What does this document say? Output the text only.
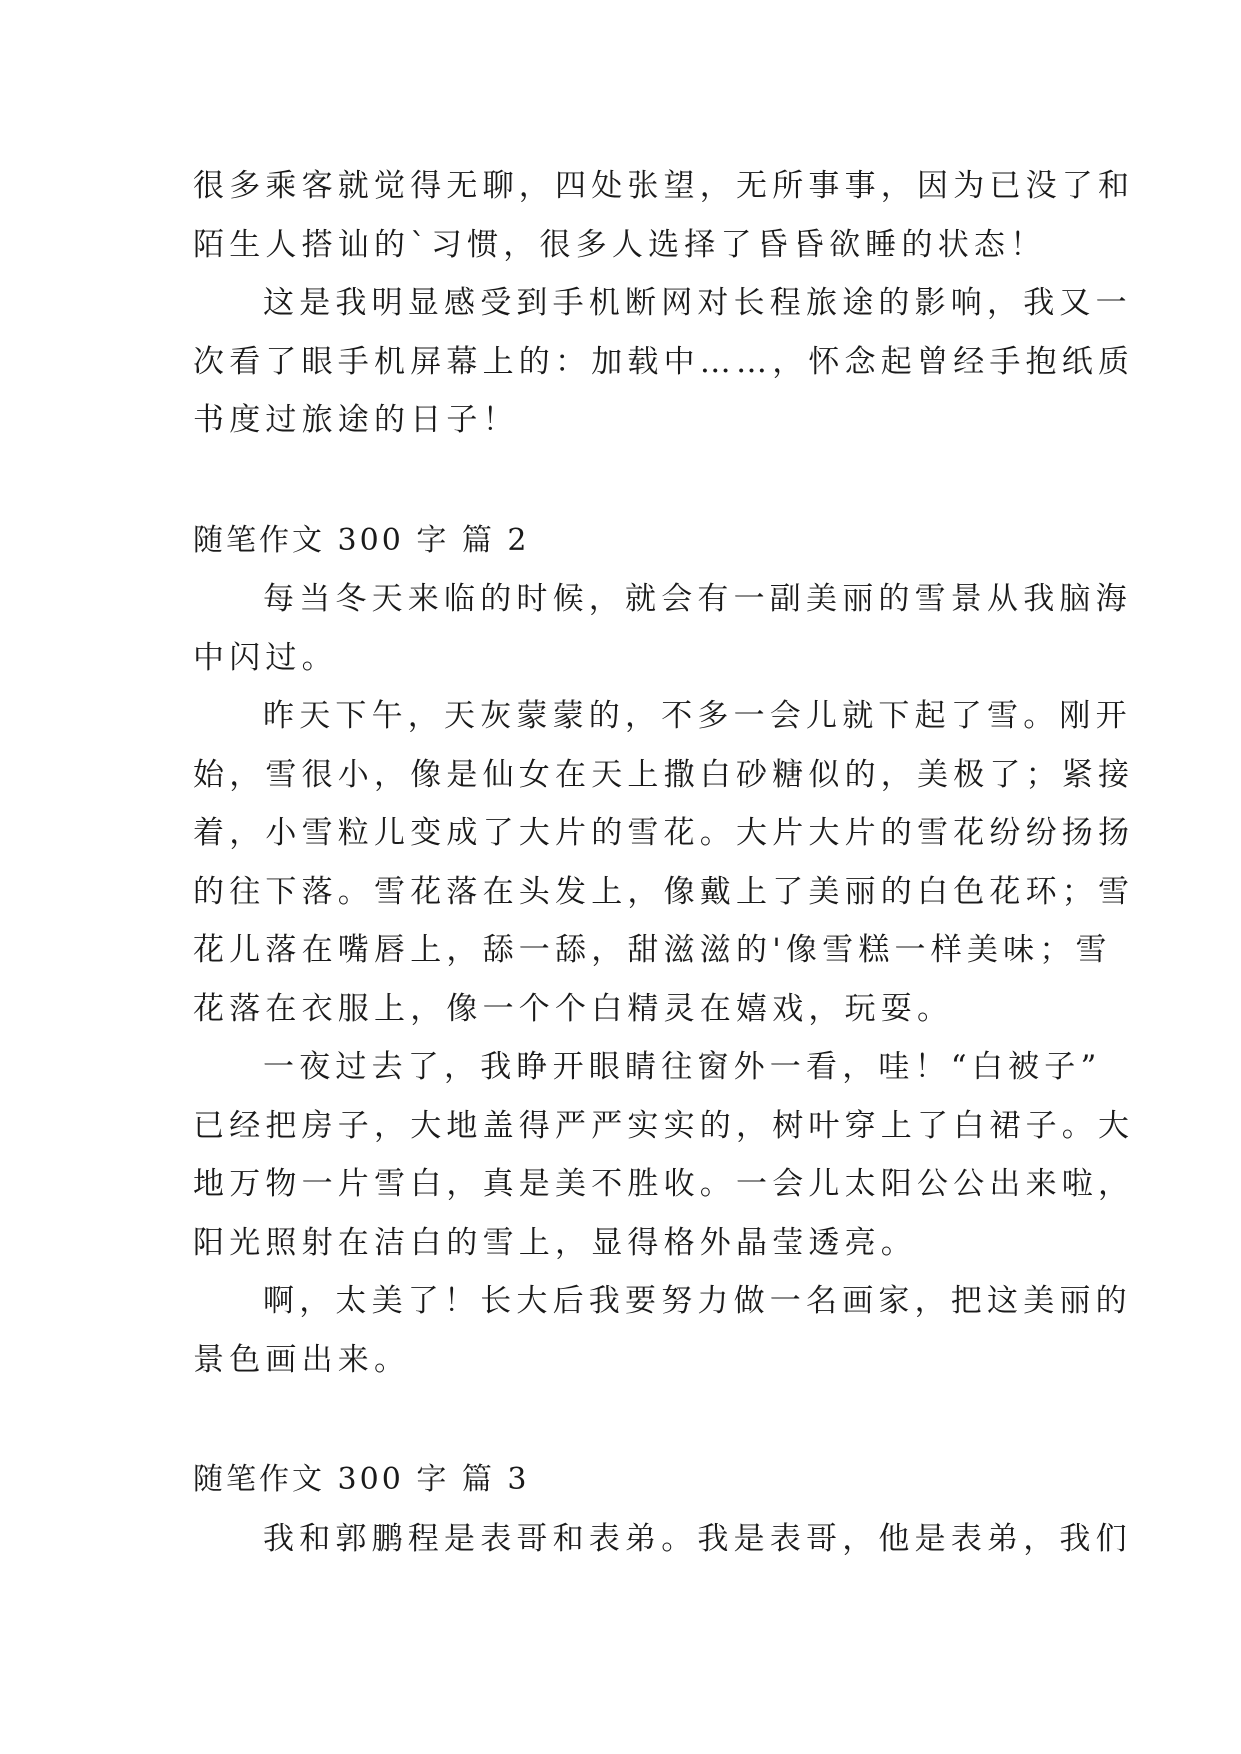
很多乘客就觉得无聊，四处张望，无所事事，因为已没了和

陌生人搭讪的`习惯，很多人选择了昏昏欲睡的状态！

这是我明显感受到手机断网对长程旅途的影响，我又一

次看了眼手机屏幕上的：加载中……，怀念起曾经手抱纸质

书度过旅途的日子！

随笔作文 300 字 篇 2

每当冬天来临的时候，就会有一副美丽的雪景从我脑海

中闪过。

昨天下午，天灰蒙蒙的，不多一会儿就下起了雪。刚开

始，雪很小，像是仙女在天上撒白砂糖似的，美极了；紧接

着，小雪粒儿变成了大片的雪花。大片大片的雪花纷纷扬扬

的往下落。雪花落在头发上，像戴上了美丽的白色花环；雪

花儿落在嘴唇上，舔一舔，甜滋滋的'像雪糕一样美味；雪

花落在衣服上，像一个个白精灵在嬉戏，玩耍。

一夜过去了，我睁开眼睛往窗外一看，哇！“白被子”

已经把房子，大地盖得严严实实的，树叶穿上了白裙子。大

地万物一片雪白，真是美不胜收。一会儿太阳公公出来啦，

阳光照射在洁白的雪上，显得格外晶莹透亮。

啊，太美了！长大后我要努力做一名画家，把这美丽的

景色画出来。

随笔作文 300 字 篇 3

我和郭鹏程是表哥和表弟。我是表哥，他是表弟，我们
